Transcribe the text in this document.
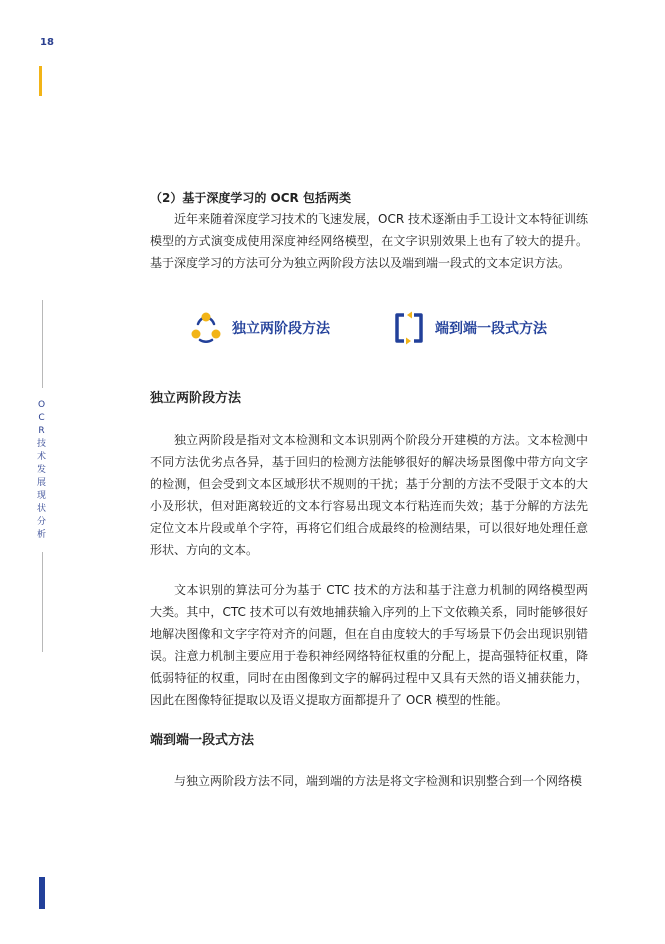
18
OCR技术发展现状分析
（2）基于深度学习的 OCR 包括两类

近年来随着深度学习技术的飞速发展，OCR 技术逐渐由手工设计文本特征训练模型的方式演变成使用深度神经网络模型，在文字识别效果上也有了较大的提升。基于深度学习的方法可分为独立两阶段方法以及端到端一段式的文本定识方法。

独立两阶段方法	端到端一段式方法
独立两阶段方法

独立两阶段是指对文本检测和文本识别两个阶段分开建模的方法。文本检测中不同方法优劣点各异，基于回归的检测方法能够很好的解决场景图像中带方向文字的检测，但会受到文本区域形状不规则的干扰；基于分割的方法不受限于文本的大小及形状，但对距离较近的文本行容易出现文本行粘连而失效；基于分解的方法先定位文本片段或单个字符，再将它们组合成最终的检测结果，可以很好地处理任意形状、方向的文本。

文本识别的算法可分为基于 CTC 技术的方法和基于注意力机制的网络模型两大类。其中，CTC 技术可以有效地捕获输入序列的上下文依赖关系，同时能够很好地解决图像和文字字符对齐的问题，但在自由度较大的手写场景下仍会出现识别错误。注意力机制主要应用于卷积神经网络特征权重的分配上，提高强特征权重，降低弱特征的权重，同时在由图像到文字的解码过程中又具有天然的语义捕获能力，因此在图像特征提取以及语义提取方面都提升了 OCR 模型的性能。

端到端一段式方法

与独立两阶段方法不同，端到端的方法是将文字检测和识别整合到一个网络模
